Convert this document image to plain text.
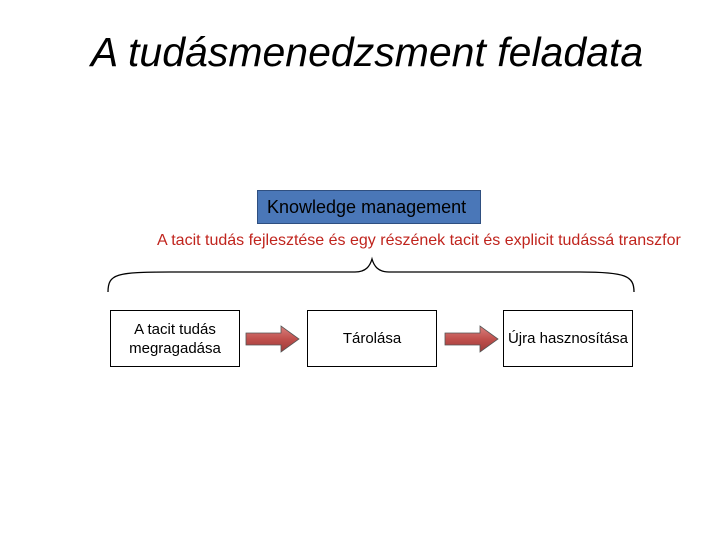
A tudásmenedzsment feladata
Knowledge management
A tacit tudás fejlesztése és egy részének tacit és explicit tudássá transzfor
A tacit tudás megragadása
Tárolása	Újra hasznosítása
